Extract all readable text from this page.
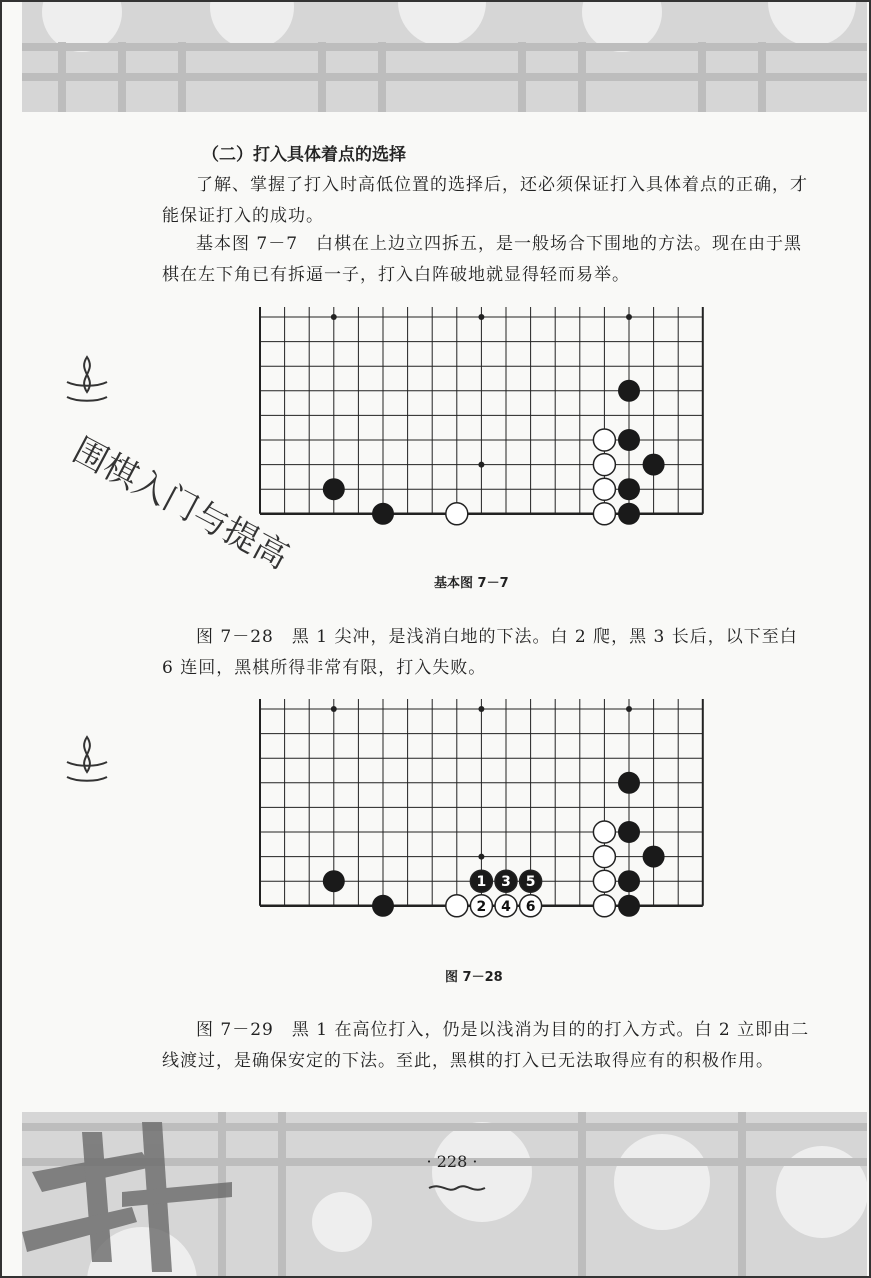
围棋入门与提高
（二）打入具体着点的选择
了解、掌握了打入时高低位置的选择后，还必须保证打入具体着点的正确，才能保证打入的成功。
基本图 7－7　白棋在上边立四拆五，是一般场合下围地的方法。现在由于黑棋在左下角已有拆逼一子，打入白阵破地就显得轻而易举。
基本图 7－7
图 7－28　黑 1 尖冲，是浅消白地的下法。白 2 爬，黑 3 长后，以下至白 6 连回，黑棋所得非常有限，打入失败。
1 3 5
2 4 6
图 7－28
图 7－29　黑 1 在高位打入，仍是以浅消为目的的打入方式。白 2 立即由二线渡过，是确保安定的下法。至此，黑棋的打入已无法取得应有的积极作用。
· 228 ·
